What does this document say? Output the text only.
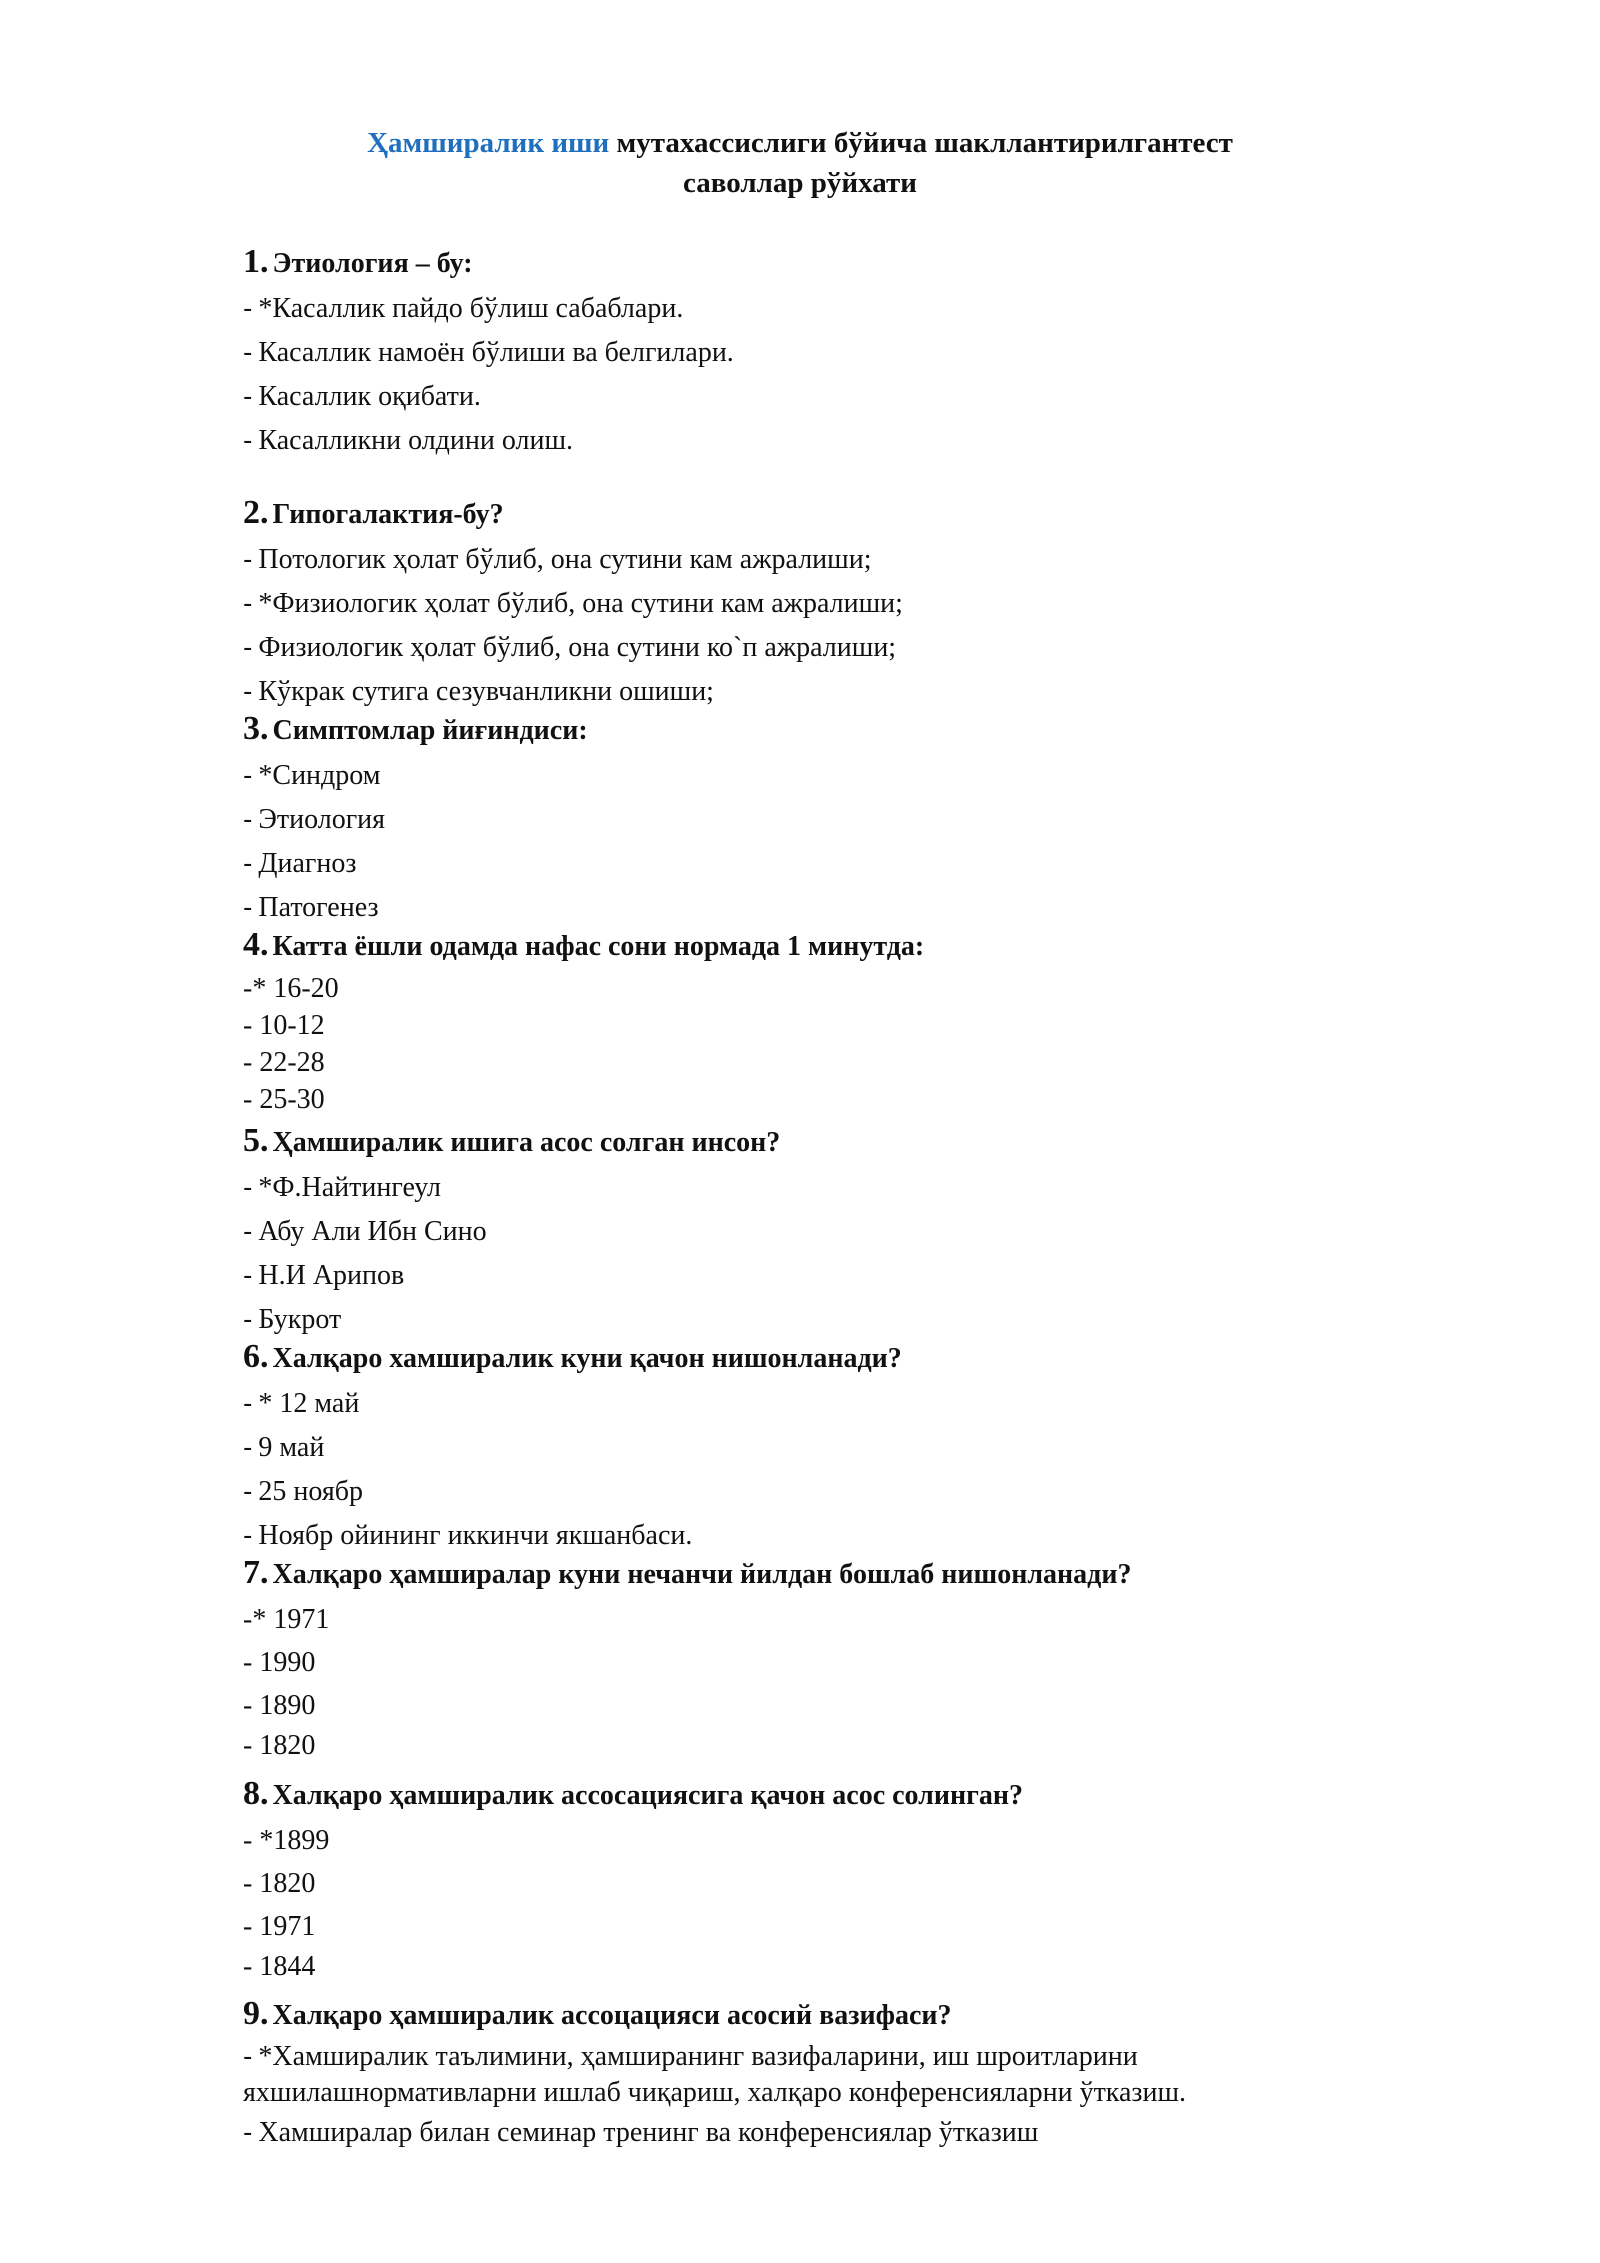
Ҳамширалик иши мутахассислиги бўйича шакллантирилгантест
саволлар рўйхати
1. Этиология – бу:
- *Касаллик пайдо бўлиш сабаблари.
- Касаллик намоён бўлиши ва белгилари.
- Касаллик оқибати.
- Касалликни олдини олиш.
2. Гипогалактия-бу?
- Потологик ҳолат бўлиб, она сутини кам ажралиши;
- *Физиологик ҳолат бўлиб, она сутини кам ажралиши;
- Физиологик ҳолат бўлиб, она сутини ко`п ажралиши;
- Кўкрак сутига сезувчанликни ошиши;
3. Симптомлар йиғиндиси:
- *Синдром
- Этиология
- Диагноз
- Патогенез
4. Катта ёшли одамда нафас сони нормада 1 минутда:
-* 16-20
- 10-12
- 22-28
- 25-30
5. Ҳамширалик ишига асос солган инсон?
- *Ф.Найтингеул
- Абу Али Ибн Сино
- Н.И Арипов
- Букрот
6. Халқаро хамширалик куни қачон нишонланади?
- * 12 май
- 9 май
- 25 ноябр
- Ноябр ойининг иккинчи якшанбаси.
7. Халқаро ҳамширалар куни нечанчи йилдан бошлаб нишонланади?
-* 1971
- 1990
- 1890
- 1820
8. Халқаро ҳамширалик ассосациясига қачон асос солинган?
- *1899
- 1820
- 1971
- 1844
9. Халқаро ҳамширалик ассоцацияси асосий вазифаси?
- *Хамширалик таълимини, ҳамширанинг вазифаларини, иш шроитларини яхшилашнормативларни ишлаб чиқариш, халқаро конференсияларни ўтказиш.
- Хамширалар билан семинар тренинг ва конференсиялар ўтказиш
